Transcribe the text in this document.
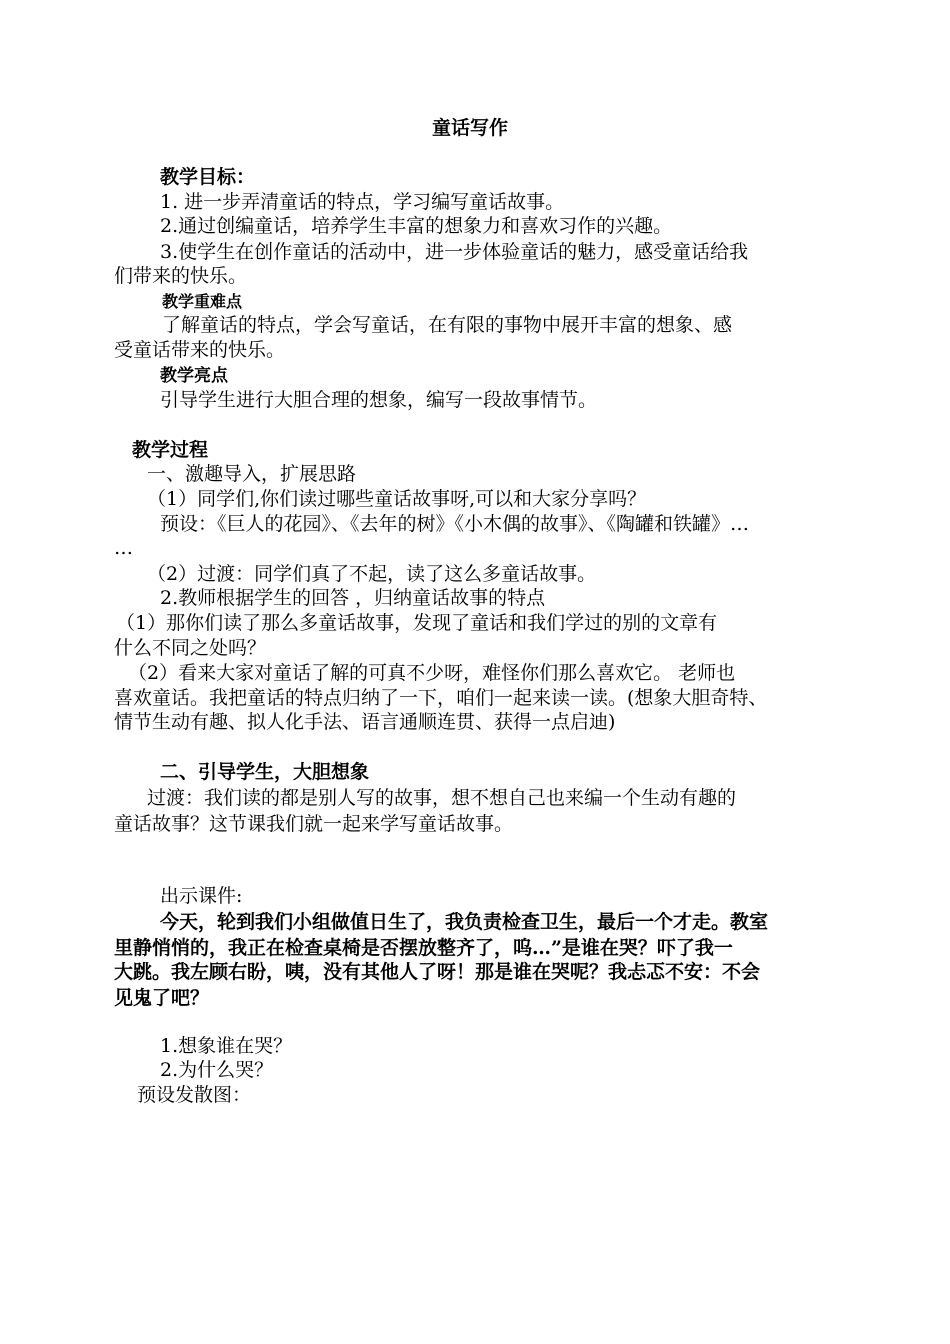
童话写作
教学目标：
1. 进一步弄清童话的特点，学习编写童话故事。
2.通过创编童话，培养学生丰富的想象力和喜欢习作的兴趣。
3.使学生在创作童话的活动中，进一步体验童话的魅力，感受童话给我
们带来的快乐。
教学重难点
了解童话的特点，学会写童话，在有限的事物中展开丰富的想象、感
受童话带来的快乐。
教学亮点
引导学生进行大胆合理的想象，编写一段故事情节。
教学过程
一、激趣导入，扩展思路
（1）同学们,你们读过哪些童话故事呀,可以和大家分享吗？
预设：《巨人的花园》、《去年的树》《小木偶的故事》、《陶罐和铁罐》…
…
（2）过渡：同学们真了不起，读了这么多童话故事。
2.教师根据学生的回答 ，归纳童话故事的特点
（1）那你们读了那么多童话故事，发现了童话和我们学过的别的文章有
什么不同之处吗？
（2）看来大家对童话了解的可真不少呀，难怪你们那么喜欢它。 老师也
喜欢童话。我把童话的特点归纳了一下，咱们一起来读一读。(想象大胆奇特、
情节生动有趣、拟人化手法、语言通顺连贯、获得一点启迪)
二、引导学生，大胆想象
过渡：我们读的都是别人写的故事，想不想自己也来编一个生动有趣的
童话故事？这节课我们就一起来学写童话故事。
出示课件:
今天，轮到我们小组做值日生了，我负责检查卫生，最后一个才走。教室
里静悄悄的，我正在检查桌椅是否摆放整齐了，呜…”是谁在哭？吓了我一
大跳。我左顾右盼，咦，没有其他人了呀！那是谁在哭呢？我忐忑不安：不会
见鬼了吧？
1.想象谁在哭？
2.为什么哭？
预设发散图：
